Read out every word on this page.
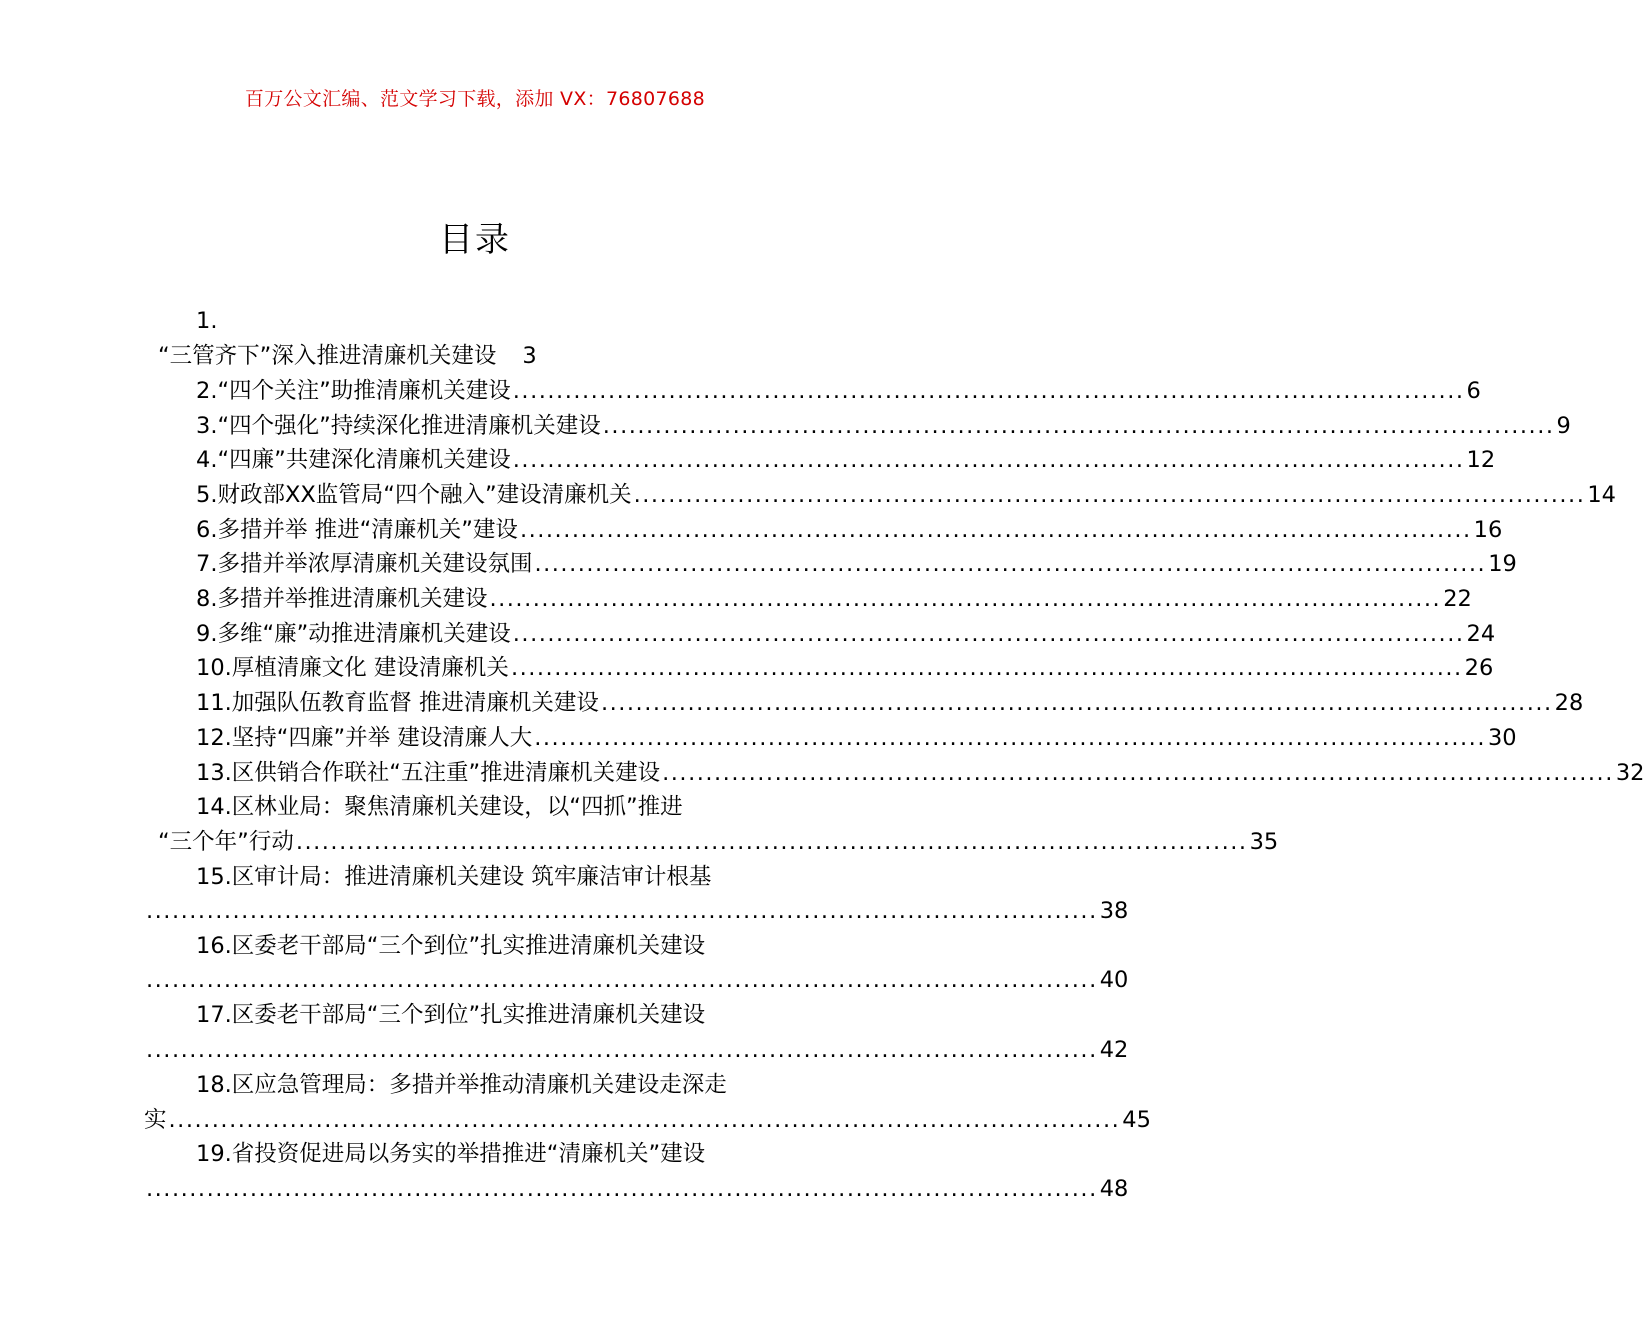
百万公文汇编、范文学习下载，添加 VX：76807688
目录
1.
“三管齐下”深入推进清廉机关建设 3
2.“四个关注”助推清廉机关建设 .............................................................................................................. 6
3.“四个强化”持续深化推进清廉机关建设 .............................................................................................................. 9
4.“四廉”共建深化清廉机关建设 .............................................................................................................. 12
5.财政部XX监管局“四个融入”建设清廉机关 .............................................................................................................. 14
6.多措并举 推进“清廉机关”建设 .............................................................................................................. 16
7.多措并举浓厚清廉机关建设氛围 .............................................................................................................. 19
8.多措并举推进清廉机关建设 .............................................................................................................. 22
9.多维“廉”动推进清廉机关建设 .............................................................................................................. 24
10.厚植清廉文化 建设清廉机关 .............................................................................................................. 26
11.加强队伍教育监督 推进清廉机关建设 .............................................................................................................. 28
12.坚持“四廉”并举 建设清廉人大 .............................................................................................................. 30
13.区供销合作联社“五注重”推进清廉机关建设 .............................................................................................................. 32
14.区林业局：聚焦清廉机关建设，以“四抓”推进
“三个年”行动 .............................................................................................................. 35
15.区审计局：推进清廉机关建设 筑牢廉洁审计根基
.............................................................................................................. 38
16.区委老干部局“三个到位”扎实推进清廉机关建设
.............................................................................................................. 40
17.区委老干部局“三个到位”扎实推进清廉机关建设
.............................................................................................................. 42
18.区应急管理局：多措并举推动清廉机关建设走深走
实 .............................................................................................................. 45
19.省投资促进局以务实的举措推进“清廉机关”建设
.............................................................................................................. 48
